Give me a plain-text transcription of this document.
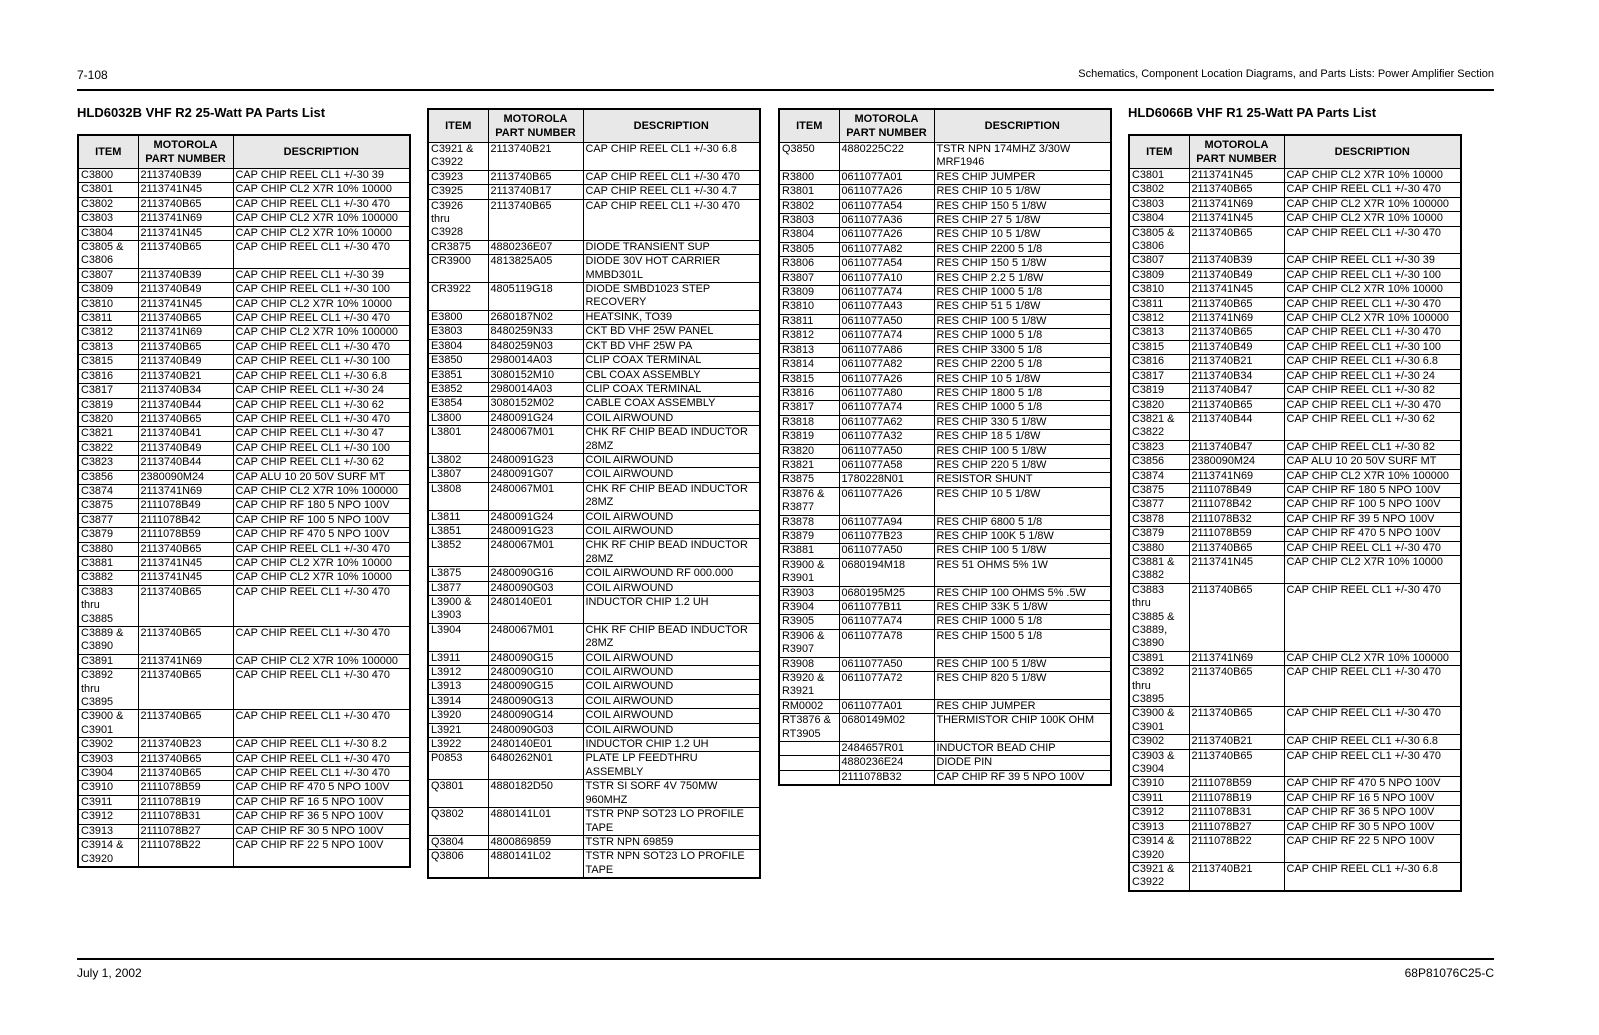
7-108	Schematics, Component Location Diagrams, and Parts Lists: Power Amplifier Section
HLD6032B VHF R2 25-Watt PA Parts List
ITEM	MOTOROLA PART NUMBER	DESCRIPTION
C3800	2113740B39	CAP CHIP REEL CL1 +/-30 39
C3801	2113741N45	CAP CHIP CL2 X7R 10% 10000
C3802	2113740B65	CAP CHIP REEL CL1 +/-30 470
C3803	2113741N69	CAP CHIP CL2 X7R 10% 100000
C3804	2113741N45	CAP CHIP CL2 X7R 10% 10000
C3805 &
C3806	2113740B65	CAP CHIP REEL CL1 +/-30 470
C3807	2113740B39	CAP CHIP REEL CL1 +/-30 39
C3809	2113740B49	CAP CHIP REEL CL1 +/-30 100
C3810	2113741N45	CAP CHIP CL2 X7R 10% 10000
C3811	2113740B65	CAP CHIP REEL CL1 +/-30 470
C3812	2113741N69	CAP CHIP CL2 X7R 10% 100000
C3813	2113740B65	CAP CHIP REEL CL1 +/-30 470
C3815	2113740B49	CAP CHIP REEL CL1 +/-30 100
C3816	2113740B21	CAP CHIP REEL CL1 +/-30 6.8
C3817	2113740B34	CAP CHIP REEL CL1 +/-30 24
C3819	2113740B44	CAP CHIP REEL CL1 +/-30 62
C3820	2113740B65	CAP CHIP REEL CL1 +/-30 470
C3821	2113740B41	CAP CHIP REEL CL1 +/-30 47
C3822	2113740B49	CAP CHIP REEL CL1 +/-30 100
C3823	2113740B44	CAP CHIP REEL CL1 +/-30 62
C3856	2380090M24	CAP ALU 10 20 50V SURF MT
C3874	2113741N69	CAP CHIP CL2 X7R 10% 100000
C3875	2111078B49	CAP CHIP RF 180 5 NPO 100V
C3877	2111078B42	CAP CHIP RF 100 5 NPO 100V
C3879	2111078B59	CAP CHIP RF 470 5 NPO 100V
C3880	2113740B65	CAP CHIP REEL CL1 +/-30 470
C3881	2113741N45	CAP CHIP CL2 X7R 10% 10000
C3882	2113741N45	CAP CHIP CL2 X7R 10% 10000
C3883
thru
C3885	2113740B65	CAP CHIP REEL CL1 +/-30 470
C3889 &
C3890	2113740B65	CAP CHIP REEL CL1 +/-30 470
C3891	2113741N69	CAP CHIP CL2 X7R 10% 100000
C3892
thru
C3895	2113740B65	CAP CHIP REEL CL1 +/-30 470
C3900 &
C3901	2113740B65	CAP CHIP REEL CL1 +/-30 470
C3902	2113740B23	CAP CHIP REEL CL1 +/-30 8.2
C3903	2113740B65	CAP CHIP REEL CL1 +/-30 470
C3904	2113740B65	CAP CHIP REEL CL1 +/-30 470
C3910	2111078B59	CAP CHIP RF 470 5 NPO 100V
C3911	2111078B19	CAP CHIP RF 16 5 NPO 100V
C3912	2111078B31	CAP CHIP RF 36 5 NPO 100V
C3913	2111078B27	CAP CHIP RF 30 5 NPO 100V
C3914 &
C3920	2111078B22	CAP CHIP RF 22 5 NPO 100V
ITEM	MOTOROLA PART NUMBER	DESCRIPTION
C3921 &
C3922	2113740B21	CAP CHIP REEL CL1 +/-30 6.8
C3923	2113740B65	CAP CHIP REEL CL1 +/-30 470
C3925	2113740B17	CAP CHIP REEL CL1 +/-30 4.7
C3926
thru
C3928	2113740B65	CAP CHIP REEL CL1 +/-30 470
CR3875	4880236E07	DIODE TRANSIENT SUP
CR3900	4813825A05	DIODE 30V HOT CARRIER
MMBD301L
CR3922	4805119G18	DIODE SMBD1023 STEP
RECOVERY
E3800	2680187N02	HEATSINK, TO39
E3803	8480259N33	CKT BD VHF 25W PANEL
E3804	8480259N03	CKT BD VHF 25W PA
E3850	2980014A03	CLIP COAX TERMINAL
E3851	3080152M10	CBL COAX ASSEMBLY
E3852	2980014A03	CLIP COAX TERMINAL
E3854	3080152M02	CABLE COAX ASSEMBLY
L3800	2480091G24	COIL AIRWOUND
L3801	2480067M01	CHK RF CHIP BEAD INDUCTOR
28MZ
L3802	2480091G23	COIL AIRWOUND
L3807	2480091G07	COIL AIRWOUND
L3808	2480067M01	CHK RF CHIP BEAD INDUCTOR
28MZ
L3811	2480091G24	COIL AIRWOUND
L3851	2480091G23	COIL AIRWOUND
L3852	2480067M01	CHK RF CHIP BEAD INDUCTOR
28MZ
L3875	2480090G16	COIL AIRWOUND RF 000.000
L3877	2480090G03	COIL AIRWOUND
L3900 &
L3903	2480140E01	INDUCTOR CHIP 1.2 UH
L3904	2480067M01	CHK RF CHIP BEAD INDUCTOR
28MZ
L3911	2480090G15	COIL AIRWOUND
L3912	2480090G10	COIL AIRWOUND
L3913	2480090G15	COIL AIRWOUND
L3914	2480090G13	COIL AIRWOUND
L3920	2480090G14	COIL AIRWOUND
L3921	2480090G03	COIL AIRWOUND
L3922	2480140E01	INDUCTOR CHIP 1.2 UH
P0853	6480262N01	PLATE LP FEEDTHRU
ASSEMBLY
Q3801	4880182D50	TSTR SI SORF 4V 750MW
960MHZ
Q3802	4880141L01	TSTR PNP SOT23 LO PROFILE
TAPE
Q3804	4800869859	TSTR NPN 69859
Q3806	4880141L02	TSTR NPN SOT23 LO PROFILE
TAPE
ITEM	MOTOROLA PART NUMBER	DESCRIPTION
Q3850	4880225C22	TSTR NPN 174MHZ 3/30W
MRF1946
R3800	0611077A01	RES CHIP JUMPER
R3801	0611077A26	RES CHIP 10 5 1/8W
R3802	0611077A54	RES CHIP 150 5 1/8W
R3803	0611077A36	RES CHIP 27 5 1/8W
R3804	0611077A26	RES CHIP 10 5 1/8W
R3805	0611077A82	RES CHIP 2200 5 1/8
R3806	0611077A54	RES CHIP 150 5 1/8W
R3807	0611077A10	RES CHIP 2.2 5 1/8W
R3809	0611077A74	RES CHIP 1000 5 1/8
R3810	0611077A43	RES CHIP 51 5 1/8W
R3811	0611077A50	RES CHIP 100 5 1/8W
R3812	0611077A74	RES CHIP 1000 5 1/8
R3813	0611077A86	RES CHIP 3300 5 1/8
R3814	0611077A82	RES CHIP 2200 5 1/8
R3815	0611077A26	RES CHIP 10 5 1/8W
R3816	0611077A80	RES CHIP 1800 5 1/8
R3817	0611077A74	RES CHIP 1000 5 1/8
R3818	0611077A62	RES CHIP 330 5 1/8W
R3819	0611077A32	RES CHIP 18 5 1/8W
R3820	0611077A50	RES CHIP 100 5 1/8W
R3821	0611077A58	RES CHIP 220 5 1/8W
R3875	1780228N01	RESISTOR SHUNT
R3876 &
R3877	0611077A26	RES CHIP 10 5 1/8W
R3878	0611077A94	RES CHIP 6800 5 1/8
R3879	0611077B23	RES CHIP 100K 5 1/8W
R3881	0611077A50	RES CHIP 100 5 1/8W
R3900 &
R3901	0680194M18	RES 51 OHMS 5% 1W
R3903	0680195M25	RES CHIP 100 OHMS 5% .5W
R3904	0611077B11	RES CHIP 33K 5 1/8W
R3905	0611077A74	RES CHIP 1000 5 1/8
R3906 &
R3907	0611077A78	RES CHIP 1500 5 1/8
R3908	0611077A50	RES CHIP 100 5 1/8W
R3920 &
R3921	0611077A72	RES CHIP 820 5 1/8W
RM0002	0611077A01	RES CHIP JUMPER
RT3876 &
RT3905	0680149M02	THERMISTOR CHIP 100K OHM
	2484657R01	INDUCTOR BEAD CHIP
	4880236E24	DIODE PIN
	2111078B32	CAP CHIP RF 39 5 NPO 100V
HLD6066B VHF R1 25-Watt PA Parts List
ITEM	MOTOROLA PART NUMBER	DESCRIPTION
C3801	2113741N45	CAP CHIP CL2 X7R 10% 10000
C3802	2113740B65	CAP CHIP REEL CL1 +/-30 470
C3803	2113741N69	CAP CHIP CL2 X7R 10% 100000
C3804	2113741N45	CAP CHIP CL2 X7R 10% 10000
C3805 &
C3806	2113740B65	CAP CHIP REEL CL1 +/-30 470
C3807	2113740B39	CAP CHIP REEL CL1 +/-30 39
C3809	2113740B49	CAP CHIP REEL CL1 +/-30 100
C3810	2113741N45	CAP CHIP CL2 X7R 10% 10000
C3811	2113740B65	CAP CHIP REEL CL1 +/-30 470
C3812	2113741N69	CAP CHIP CL2 X7R 10% 100000
C3813	2113740B65	CAP CHIP REEL CL1 +/-30 470
C3815	2113740B49	CAP CHIP REEL CL1 +/-30 100
C3816	2113740B21	CAP CHIP REEL CL1 +/-30 6.8
C3817	2113740B34	CAP CHIP REEL CL1 +/-30 24
C3819	2113740B47	CAP CHIP REEL CL1 +/-30 82
C3820	2113740B65	CAP CHIP REEL CL1 +/-30 470
C3821 &
C3822	2113740B44	CAP CHIP REEL CL1 +/-30 62
C3823	2113740B47	CAP CHIP REEL CL1 +/-30 82
C3856	2380090M24	CAP ALU 10 20 50V SURF MT
C3874	2113741N69	CAP CHIP CL2 X7R 10% 100000
C3875	2111078B49	CAP CHIP RF 180 5 NPO 100V
C3877	2111078B42	CAP CHIP RF 100 5 NPO 100V
C3878	2111078B32	CAP CHIP RF 39 5 NPO 100V
C3879	2111078B59	CAP CHIP RF 470 5 NPO 100V
C3880	2113740B65	CAP CHIP REEL CL1 +/-30 470
C3881 &
C3882	2113741N45	CAP CHIP CL2 X7R 10% 10000
C3883
thru
C3885 &
C3889,
C3890	2113740B65	CAP CHIP REEL CL1 +/-30 470
C3891	2113741N69	CAP CHIP CL2 X7R 10% 100000
C3892
thru
C3895	2113740B65	CAP CHIP REEL CL1 +/-30 470
C3900 &
C3901	2113740B65	CAP CHIP REEL CL1 +/-30 470
C3902	2113740B21	CAP CHIP REEL CL1 +/-30 6.8
C3903 &
C3904	2113740B65	CAP CHIP REEL CL1 +/-30 470
C3910	2111078B59	CAP CHIP RF 470 5 NPO 100V
C3911	2111078B19	CAP CHIP RF 16 5 NPO 100V
C3912	2111078B31	CAP CHIP RF 36 5 NPO 100V
C3913	2111078B27	CAP CHIP RF 30 5 NPO 100V
C3914 &
C3920	2111078B22	CAP CHIP RF 22 5 NPO 100V
C3921 &
C3922	2113740B21	CAP CHIP REEL CL1 +/-30 6.8
July 1, 2002	68P81076C25-C
